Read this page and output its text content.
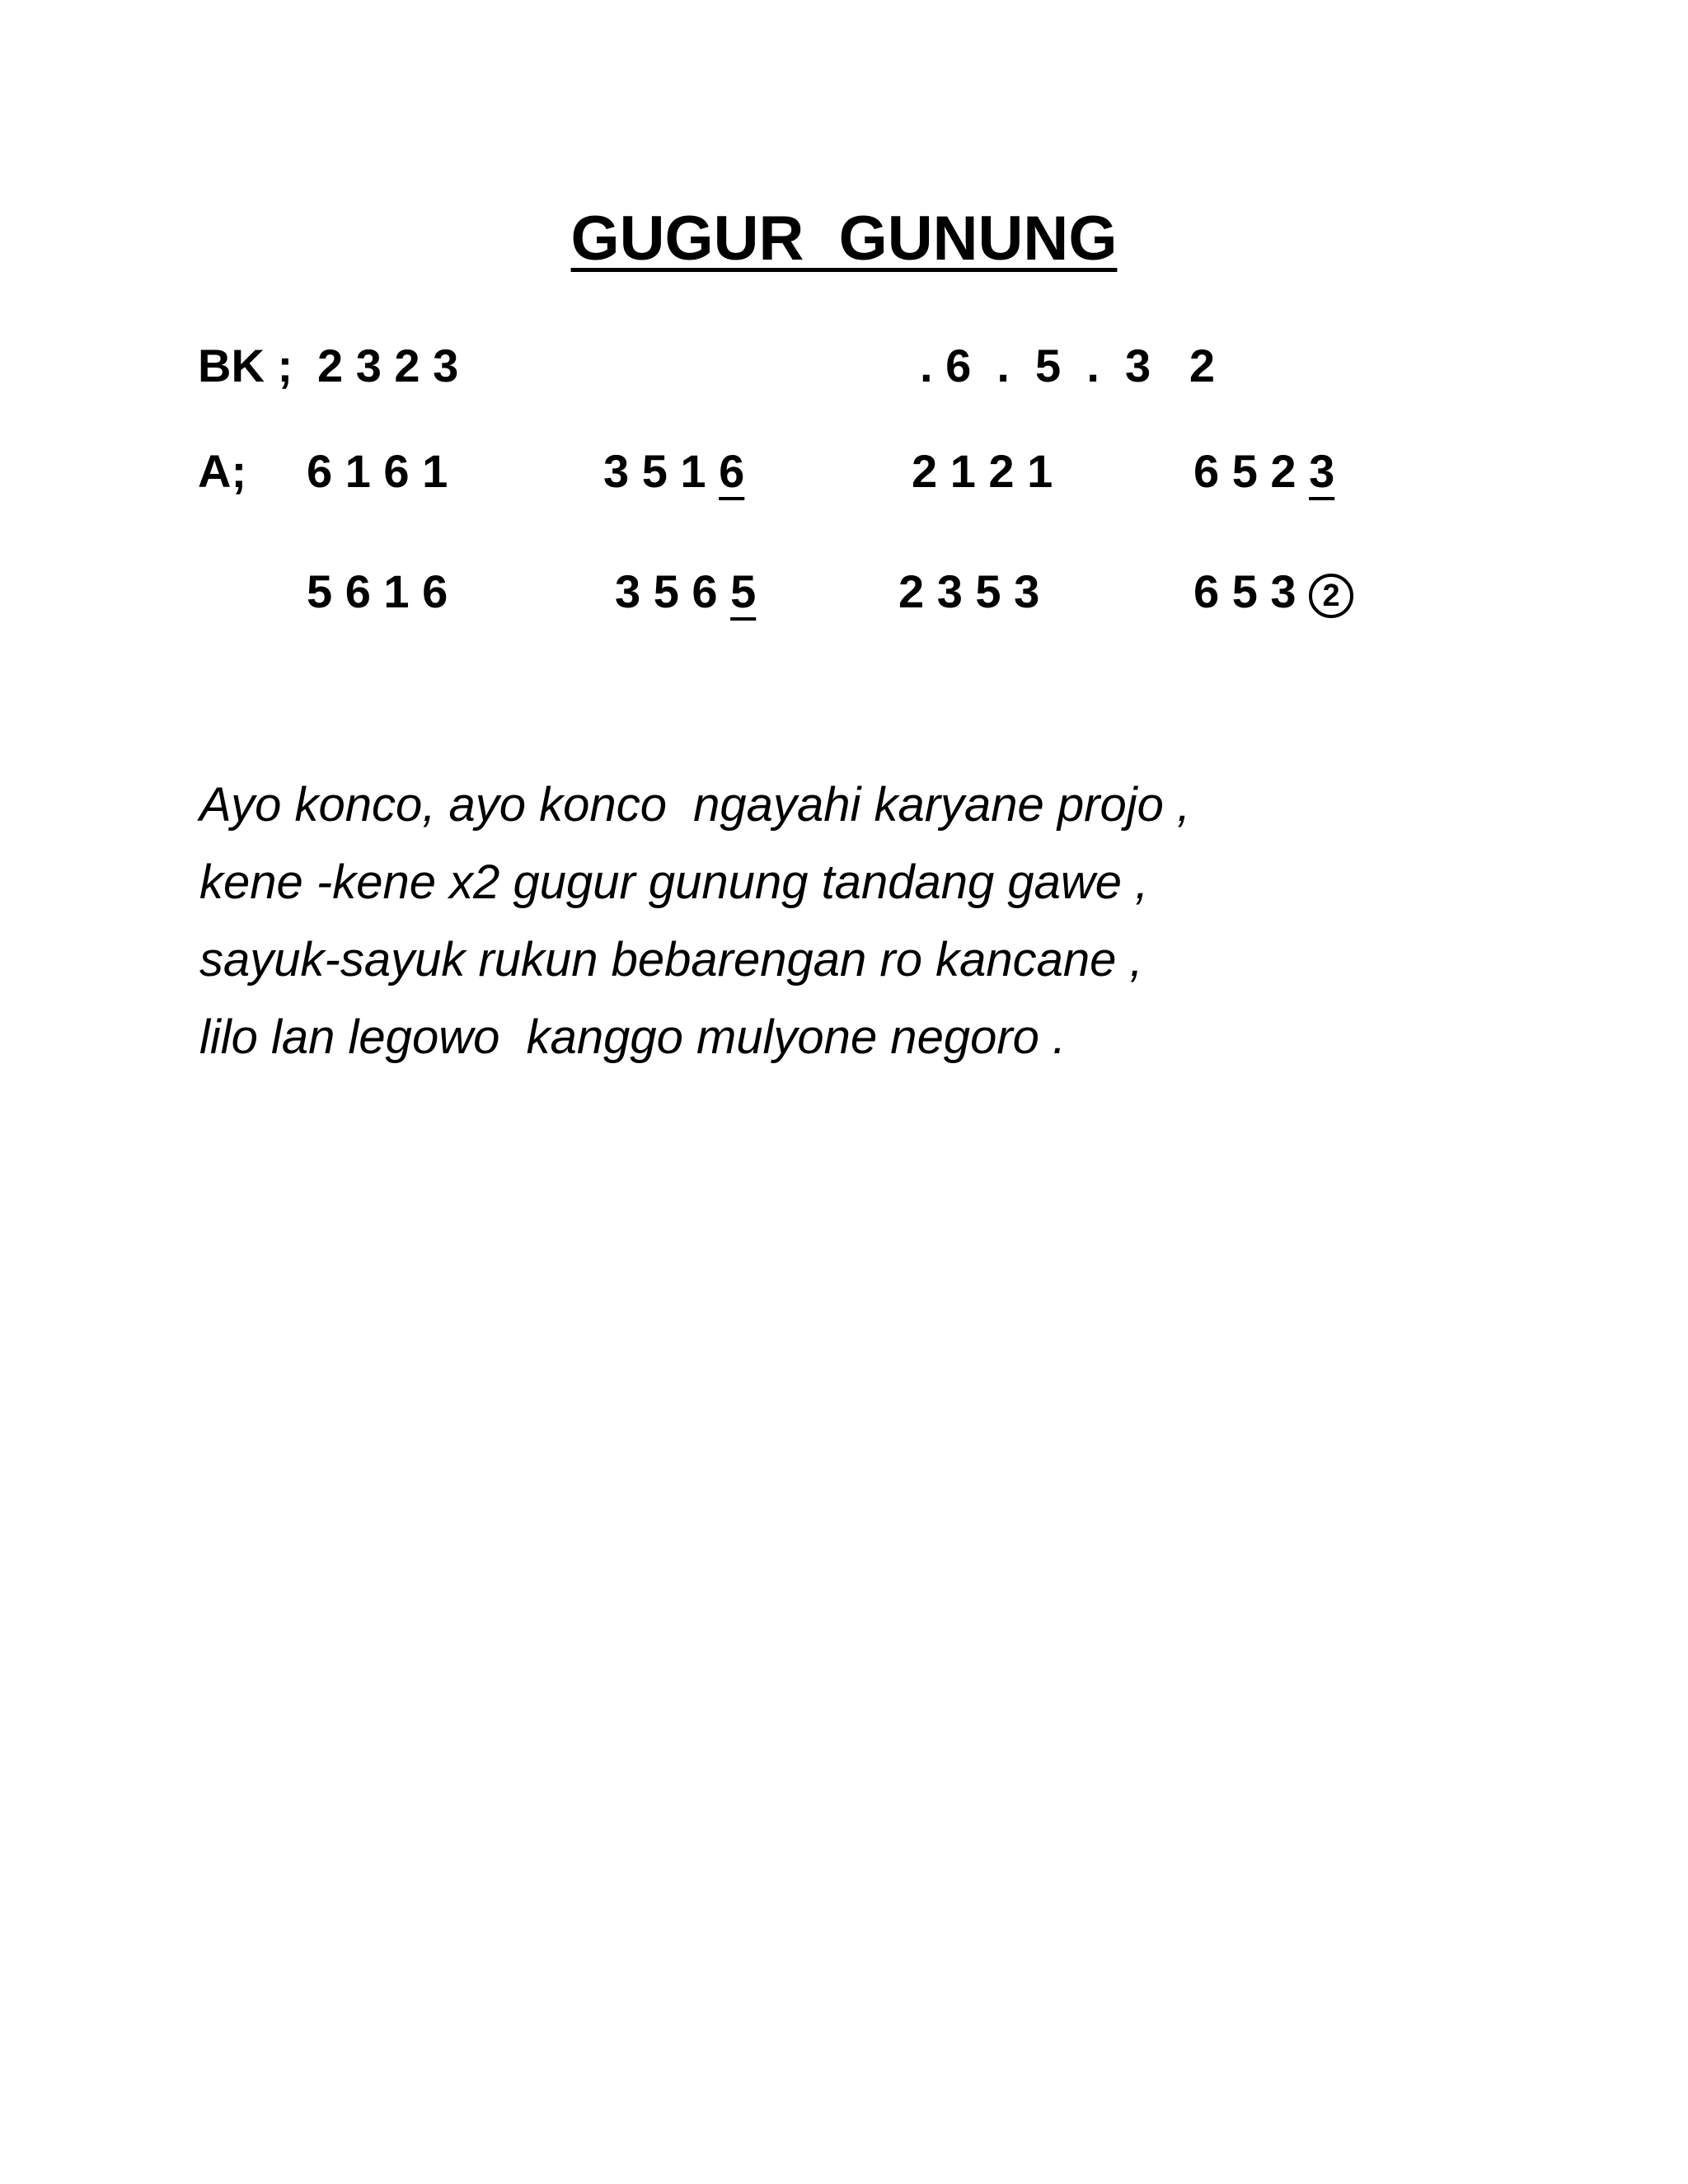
GUGUR  GUNUNG
BK ; 2 3 2 3	. 6  .  5  .  3   2
A; 6 1 6 1	3 5 1 6	2 1 2 1	6 5 2 3
5 6 1 6	3 5 6 5	2 3 5 3	6 5 3 2
Ayo konco, ayo konco  ngayahi karyane projo ,
kene -kene x2 gugur gunung tandang gawe ,
sayuk-sayuk rukun bebarengan ro kancane ,
lilo lan legowo  kanggo mulyone negoro .
